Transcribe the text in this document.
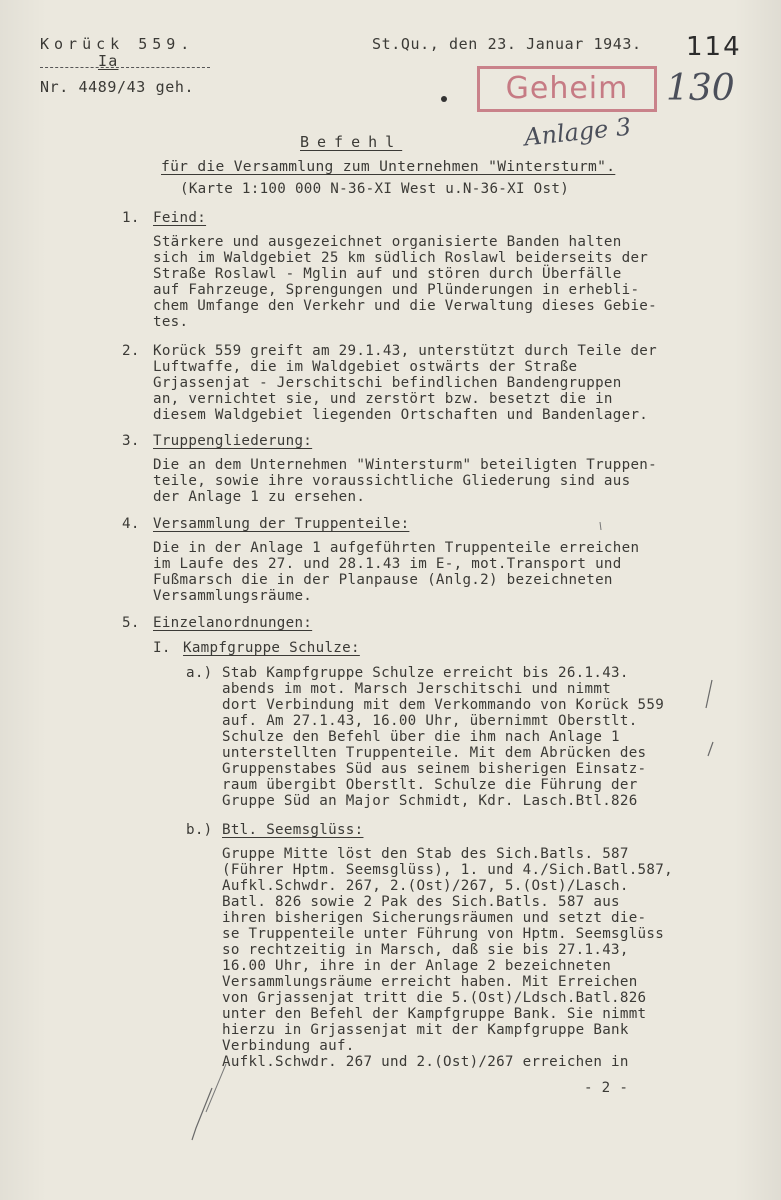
Korück 559.
Ia
Nr. 4489/43 geh.
St.Qu., den 23. Januar 1943. 114
Geheim	130
Anlage 3
Befehl
für die Versammlung zum Unternehmen "Wintersturm".
(Karte 1:100 000 N-36-XI West u.N-36-XI Ost)
1. Feind:
Stärkere und ausgezeichnet organisierte Banden halten
sich im Waldgebiet 25 km südlich Roslawl beiderseits der
Straße Roslawl - Mglin auf und stören durch Überfälle
auf Fahrzeuge, Sprengungen und Plünderungen in erhebli-
chem Umfange den Verkehr und die Verwaltung dieses Gebie-
tes.
2. Korück 559 greift am 29.1.43, unterstützt durch Teile der
Luftwaffe, die im Waldgebiet ostwärts der Straße
Grjassenjat - Jerschitschi befindlichen Bandengruppen
an, vernichtet sie, und zerstört bzw. besetzt die in
diesem Waldgebiet liegenden Ortschaften und Bandenlager.
3. Truppengliederung:
Die an dem Unternehmen "Wintersturm" beteiligten Truppen-
teile, sowie ihre voraussichtliche Gliederung sind aus
der Anlage 1 zu ersehen.
4. Versammlung der Truppenteile:
Die in der Anlage 1 aufgeführten Truppenteile erreichen
im Laufe des 27. und 28.1.43 im E-, mot.Transport und
Fußmarsch die in der Planpause (Anlg.2) bezeichneten
Versammlungsräume.
5. Einzelanordnungen:
I. Kampfgruppe Schulze:
a.) Stab Kampfgruppe Schulze erreicht bis 26.1.43.
abends im mot. Marsch Jerschitschi und nimmt
dort Verbindung mit dem Verkommando von Korück 559
auf. Am 27.1.43, 16.00 Uhr, übernimmt Oberstlt.
Schulze den Befehl über die ihm nach Anlage 1
unterstellten Truppenteile. Mit dem Abrücken des
Gruppenstabes Süd aus seinem bisherigen Einsatz-
raum übergibt Oberstlt. Schulze die Führung der
Gruppe Süd an Major Schmidt, Kdr. Lasch.Btl.826
b.) Btl. Seemsglüss:
Gruppe Mitte löst den Stab des Sich.Batls. 587
(Führer Hptm. Seemsglüss), 1. und 4./Sich.Batl.587,
Aufkl.Schwdr. 267, 2.(Ost)/267, 5.(Ost)/Lasch.
Batl. 826 sowie 2 Pak des Sich.Batls. 587 aus
ihren bisherigen Sicherungsräumen und setzt die-
se Truppenteile unter Führung von Hptm. Seemsglüss
so rechtzeitig in Marsch, daß sie bis 27.1.43,
16.00 Uhr, ihre in der Anlage 2 bezeichneten
Versammlungsräume erreicht haben. Mit Erreichen
von Grjassenjat tritt die 5.(Ost)/Ldsch.Batl.826
unter den Befehl der Kampfgruppe Bank. Sie nimmt
hierzu in Grjassenjat mit der Kampfgruppe Bank
Verbindung auf.
Aufkl.Schwdr. 267 und 2.(Ost)/267 erreichen in
- 2 -
